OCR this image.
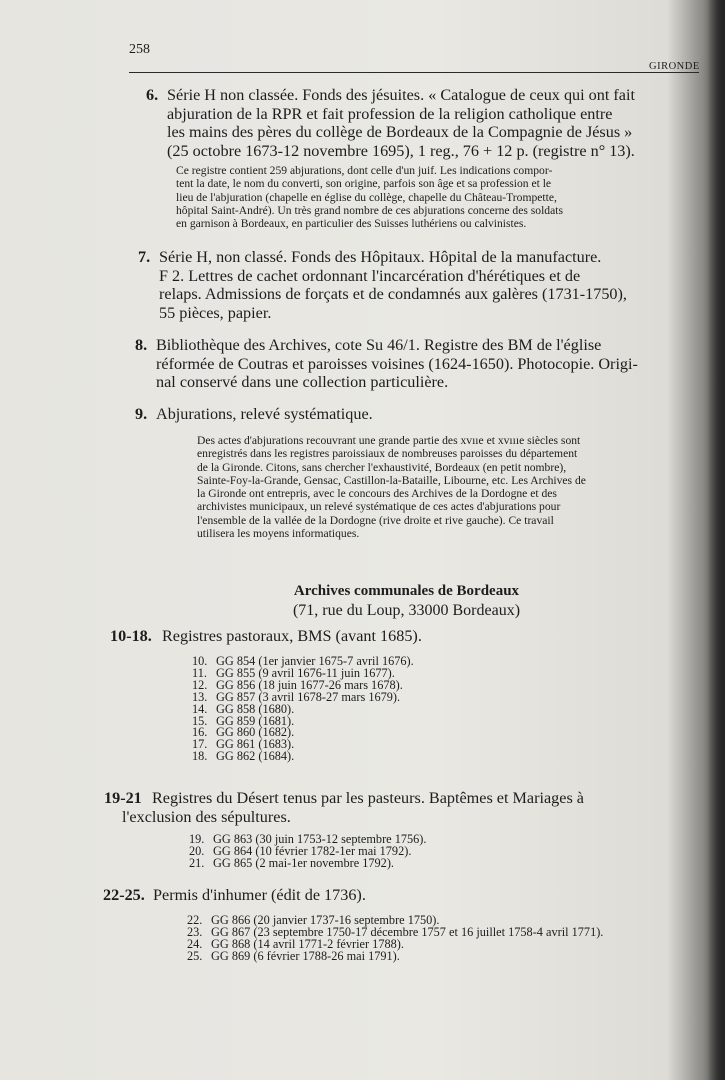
258
GIRONDE
6. Série H non classée. Fonds des jésuites. « Catalogue de ceux qui ont fait
abjuration de la RPR et fait profession de la religion catholique entre
les mains des pères du collège de Bordeaux de la Compagnie de Jésus »
(25 octobre 1673-12 novembre 1695), 1 reg., 76 + 12 p. (registre n° 13).
Ce registre contient 259 abjurations, dont celle d'un juif. Les indications compor-
tent la date, le nom du converti, son origine, parfois son âge et sa profession et le
lieu de l'abjuration (chapelle en église du collège, chapelle du Château-Trompette,
hôpital Saint-André). Un très grand nombre de ces abjurations concerne des soldats
en garnison à Bordeaux, en particulier des Suisses luthériens ou calvinistes.
7. Série H, non classé. Fonds des Hôpitaux. Hôpital de la manufacture.
F 2. Lettres de cachet ordonnant l'incarcération d'hérétiques et de
relaps. Admissions de forçats et de condamnés aux galères (1731-1750),
55 pièces, papier.
8. Bibliothèque des Archives, cote Su 46/1. Registre des BM de l'église
réformée de Coutras et paroisses voisines (1624-1650). Photocopie. Origi-
nal conservé dans une collection particulière.
9. Abjurations, relevé systématique.
Des actes d'abjurations recouvrant une grande partie des xvııe et xvıııe siècles sont
enregistrés dans les registres paroissiaux de nombreuses paroisses du département
de la Gironde. Citons, sans chercher l'exhaustivité, Bordeaux (en petit nombre),
Sainte-Foy-la-Grande, Gensac, Castillon-la-Bataille, Libourne, etc. Les Archives de
la Gironde ont entrepris, avec le concours des Archives de la Dordogne et des
archivistes municipaux, un relevé systématique de ces actes d'abjurations pour
l'ensemble de la vallée de la Dordogne (rive droite et rive gauche). Ce travail
utilisera les moyens informatiques.
Archives communales de Bordeaux
(71, rue du Loup, 33000 Bordeaux)
10-18. Registres pastoraux, BMS (avant 1685).
10. GG 854 (1er janvier 1675-7 avril 1676).
11. GG 855 (9 avril 1676-11 juin 1677).
12. GG 856 (18 juin 1677-26 mars 1678).
13. GG 857 (3 avril 1678-27 mars 1679).
14. GG 858 (1680).
15. GG 859 (1681).
16. GG 860 (1682).
17. GG 861 (1683).
18. GG 862 (1684).
19-21 Registres du Désert tenus par les pasteurs. Baptêmes et Mariages à
l'exclusion des sépultures.
19. GG 863 (30 juin 1753-12 septembre 1756).
20. GG 864 (10 février 1782-1er mai 1792).
21. GG 865 (2 mai-1er novembre 1792).
22-25. Permis d'inhumer (édit de 1736).
22. GG 866 (20 janvier 1737-16 septembre 1750).
23. GG 867 (23 septembre 1750-17 décembre 1757 et 16 juillet 1758-4 avril 1771).
24. GG 868 (14 avril 1771-2 février 1788).
25. GG 869 (6 février 1788-26 mai 1791).
